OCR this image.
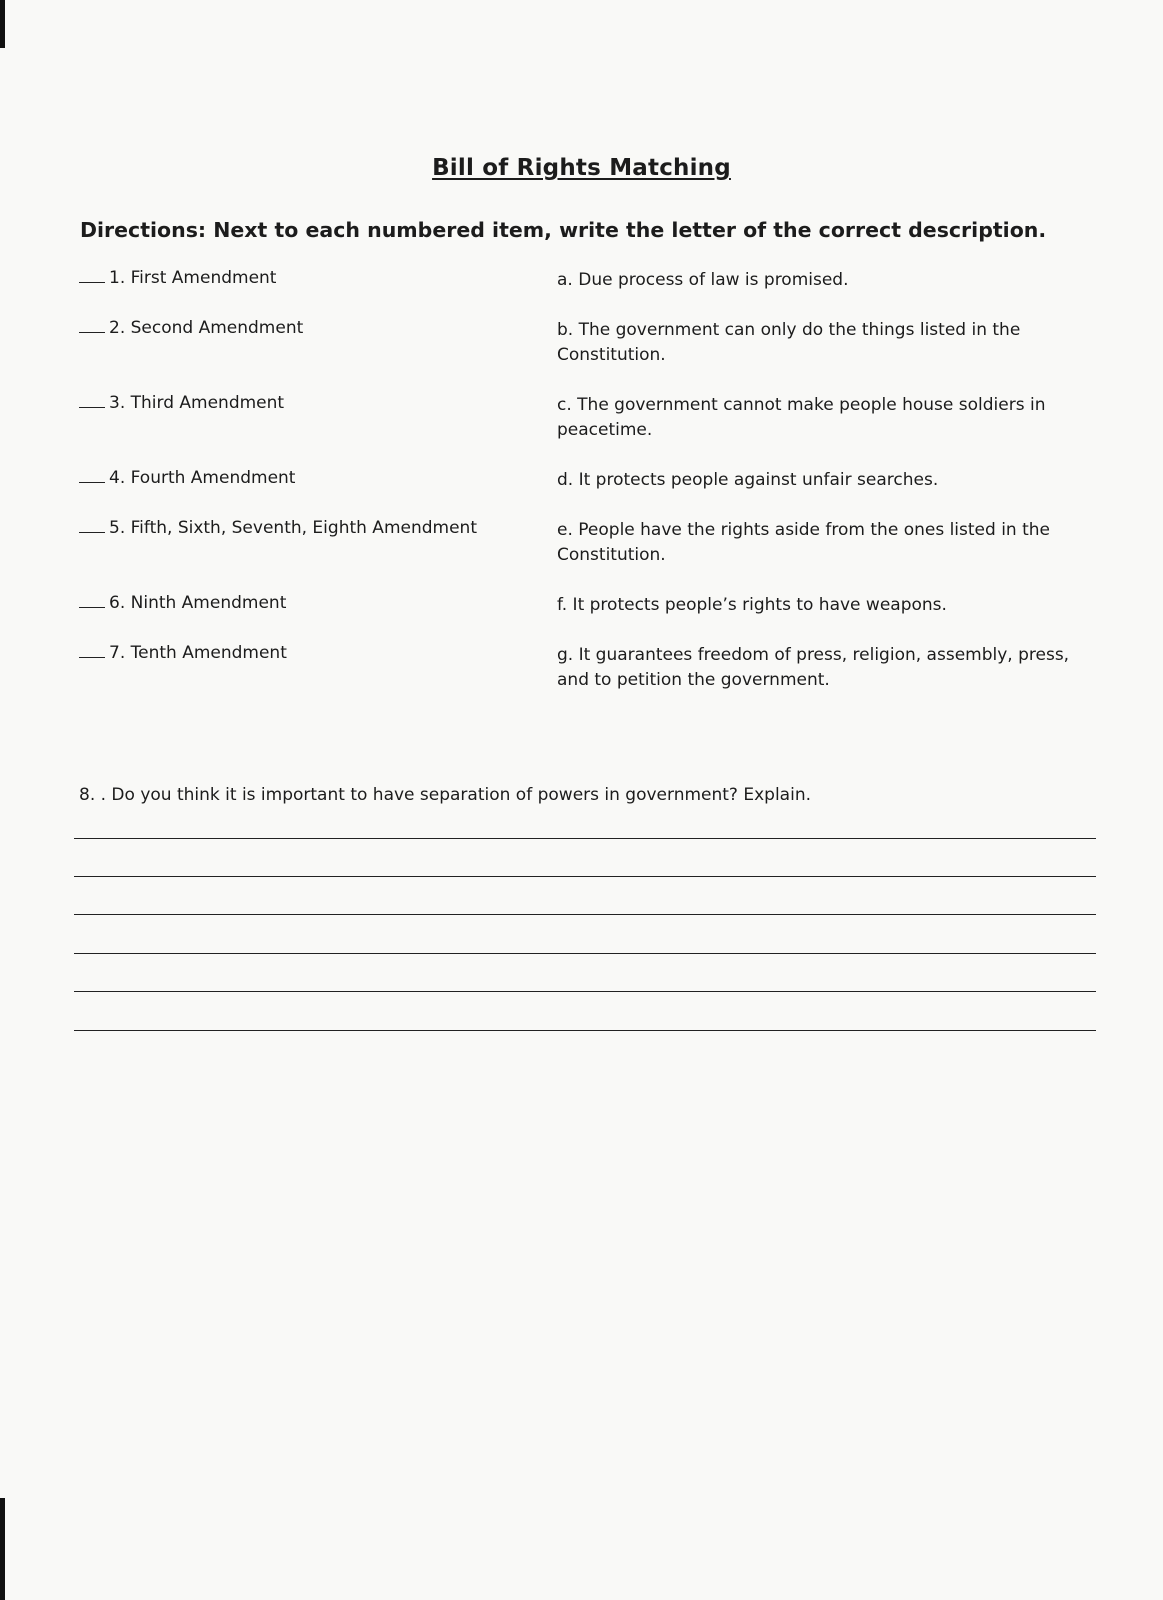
Bill of Rights Matching
Directions: Next to each numbered item, write the letter of the correct description.
1. First Amendment	a. Due process of law is promised.
2. Second Amendment	b. The government can only do the things listed in the Constitution.
3. Third Amendment	c. The government cannot make people house soldiers in peacetime.
4. Fourth Amendment	d. It protects people against unfair searches.
5. Fifth, Sixth, Seventh, Eighth Amendment	e. People have the rights aside from the ones listed in the Constitution.
6. Ninth Amendment	f. It protects people’s rights to have weapons.
7. Tenth Amendment	g. It guarantees freedom of press, religion, assembly, press, and to petition the government.
8. . Do you think it is important to have separation of powers in government? Explain.
